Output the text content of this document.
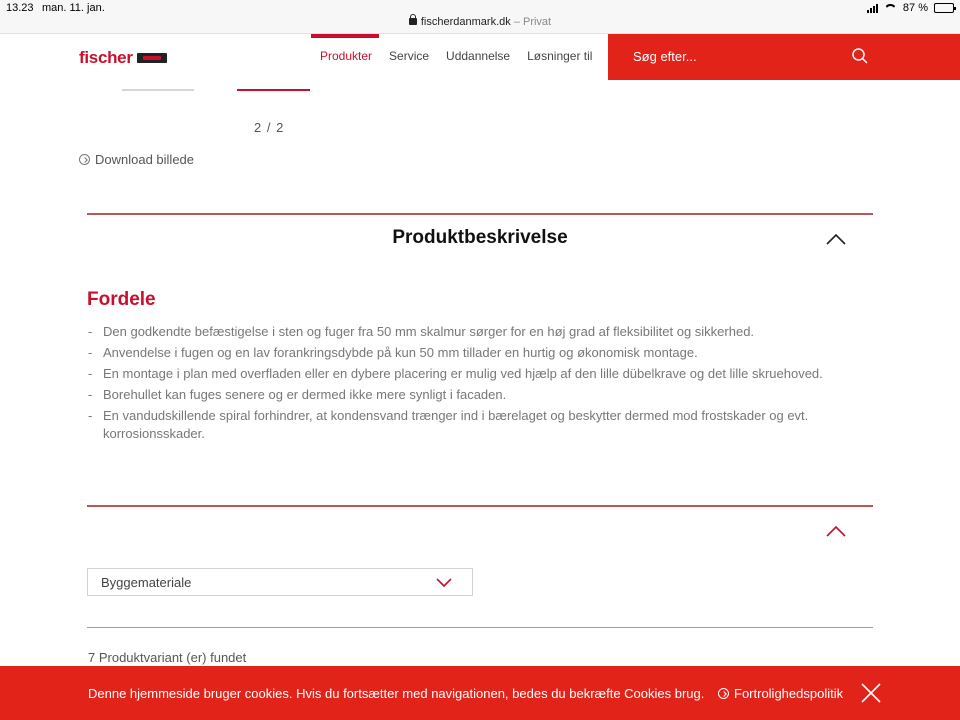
13.23 man. 11. jan.
fischerdanmark.dk – Privat
87 %
fischer	Produkter Service Uddannelse Løsninger til	Søg efter...
2 / 2
Download billede
Produktbeskrivelse
Fordele
- Den godkendte befæstigelse i sten og fuger fra 50 mm skalmur sørger for en høj grad af fleksibilitet og sikkerhed.
- Anvendelse i fugen og en lav forankringsdybde på kun 50 mm tillader en hurtig og økonomisk montage.
- En montage i plan med overfladen eller en dybere placering er mulig ved hjælp af den lille dübelkrave og det lille skruehoved.
- Borehullet kan fuges senere og er dermed ikke mere synligt i facaden.
- En vandudskillende spiral forhindrer, at kondensvand trænger ind i bærelaget og beskytter dermed mod frostskader og evt. korrosionsskader.
Byggemateriale
7 Produktvariant (er) fundet
Denne hjemmeside bruger cookies. Hvis du fortsætter med navigationen, bedes du bekræfte Cookies brug. Fortrolighedspolitik
